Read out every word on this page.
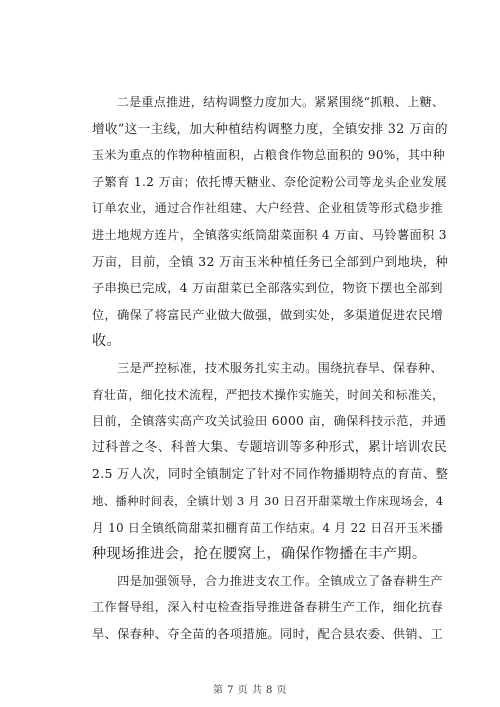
　　二是重点推进，结构调整力度加大。紧紧围绕“抓粮、上糖、
增收”这一主线，加大种植结构调整力度，全镇安排 32 万亩的
玉米为重点的作物种植面积，占粮食作物总面积的 90%，其中种
子繁育 1.2 万亩；依托博天糖业、奈伦淀粉公司等龙头企业发展
订单农业，通过合作社组建、大户经营、企业租赁等形式稳步推
进土地规方连片，全镇落实纸筒甜菜面积 4 万亩、马铃薯面积 3
万亩，目前，全镇 32 万亩玉米种植任务已全部到户到地块，种
子串换已完成，4 万亩甜菜已全部落实到位，物资下摆也全部到
位，确保了将富民产业做大做强，做到实处，多渠道促进农民增
收。

　　三是严控标准，技术服务扎实主动。围绕抗春旱、保春种、
育壮苗，细化技术流程，严把技术操作实施关，时间关和标准关，
目前，全镇落实高产攻关试验田 6000 亩，确保科技示范，并通
过科普之冬、科普大集、专题培训等多种形式，累计培训农民
2.5 万人次，同时全镇制定了针对不同作物播期特点的育苗、整
地、播种时间表，全镇计划 3 月 30 日召开甜菜墩土作床现场会，4
月 10 日全镇纸筒甜菜扣棚育苗工作结束。4 月 22 日召开玉米播
种现场推进会，抢在腰窝上，确保作物播在丰产期。

　　四是加强领导，合力推进支农工作。全镇成立了备春耕生产
工作督导组，深入村屯检查指导推进备春耕生产工作，细化抗春
旱、保春种、夺全苗的各项措施。同时，配合县农委、供销、工

第 7 页 共 8 页
